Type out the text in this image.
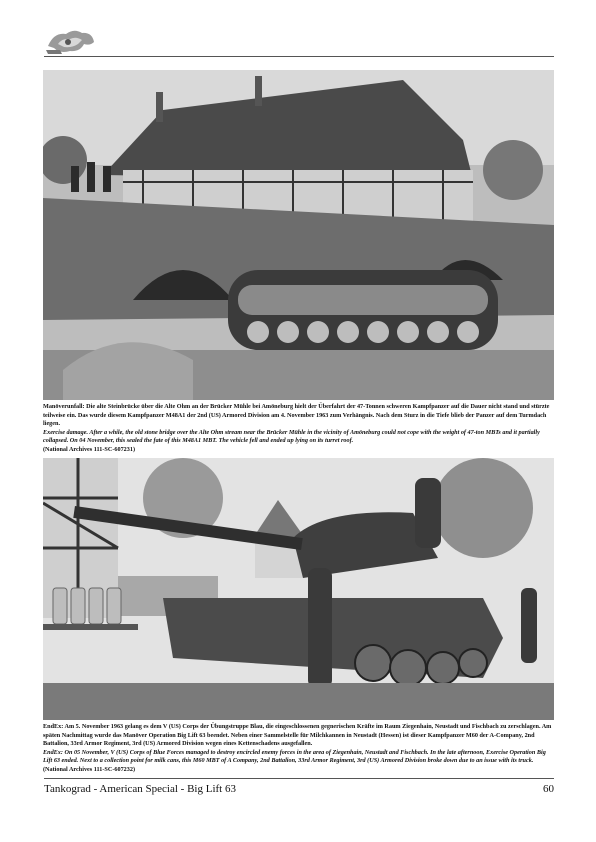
Manöverunfall: Die alte Steinbrücke über die Alte Ohm an der Brücker Mühle bei Amöneburg hielt der Überfahrt der 47-Tonnen schweren Kampfpanzer auf die Dauer nicht stand und stürzte teilweise ein. Das wurde diesem Kampfpanzer M48A1 der 2nd (US) Armored Division am 4. November 1963 zum Verhängnis. Nach dem Sturz in die Tiefe blieb der Panzer auf dem Turmdach liegen.

Exercise damage. After a while, the old stone bridge over the Alte Ohm stream near the Brücker Mühle in the vicinity of Amöneburg could not cope with the weight of 47-ton MBTs and it partially collapsed. On 04 November, this sealed the fate of this M48A1 MBT. The vehicle fell and ended up lying on its turret roof.

(National Archives 111-SC-607231)

EndEx: Am 5. November 1963 gelang es dem V (US) Corps der Übungstruppe Blau, die eingeschlossenen gegnerischen Kräfte im Raum Ziegenhain, Neustadt und Fischbach zu zerschlagen. Am späten Nachmittag wurde das Manöver Operation Big Lift 63 beendet. Neben einer Sammelstelle für Milchkannen in Neustadt (Hessen) ist dieser Kampfpanzer M60 der A-Company, 2nd Battalion, 33rd Armor Regiment, 3rd (US) Armored Division wegen eines Kettenschadens ausgefallen.

EndEx: On 05 November, V (US) Corps of Blue Forces managed to destroy encircled enemy forces in the area of Ziegenhain, Neustadt and Fischbach. In the late afternoon, Exercise Operation Big Lift 63 ended. Next to a collection point for milk cans, this M60 MBT of A Company, 2nd Battalion, 33rd Armor Regiment, 3rd (US) Armored Division broke down due to an issue with its truck.

(National Archives 111-SC-607232)

Tankograd - American Special - Big Lift 63	60
